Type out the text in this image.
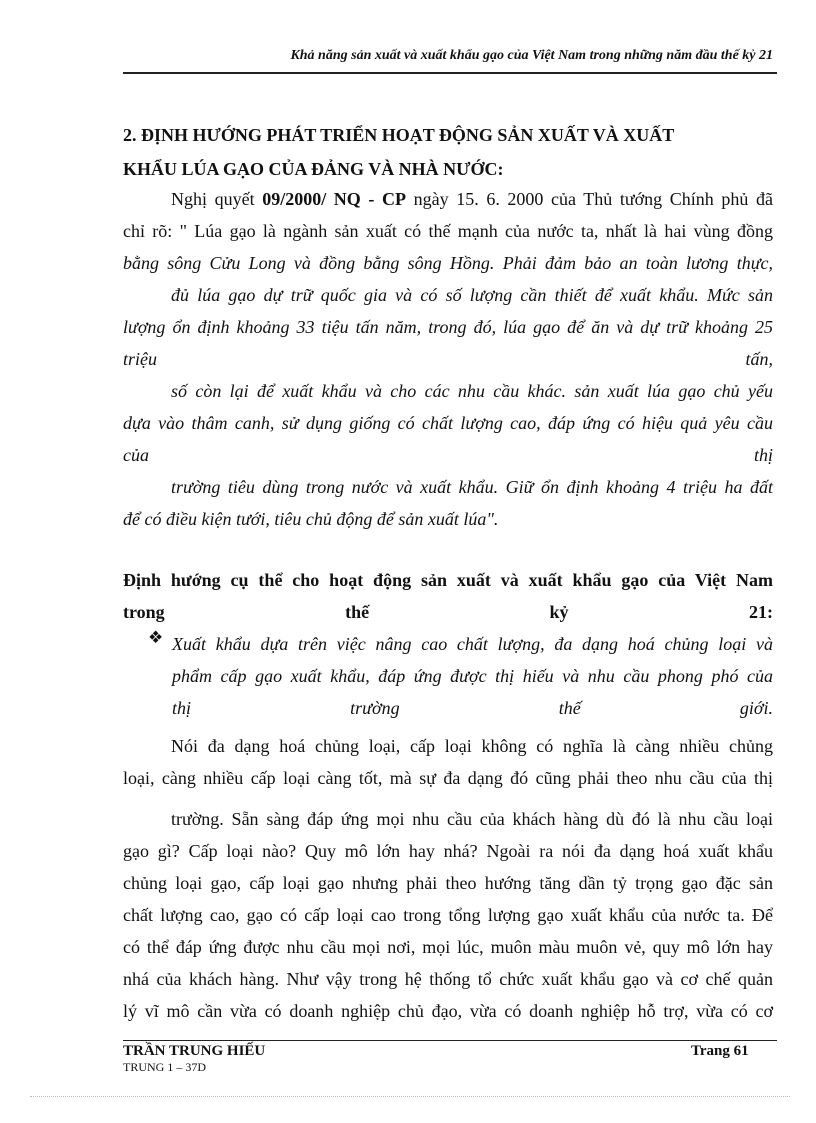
Khả năng sản xuất và xuất khẩu gạo của Việt Nam trong những năm đầu thế kỷ 21
2. ĐỊNH HƯỚNG PHÁT TRIỂN HOẠT ĐỘNG SẢN XUẤT VÀ XUẤT
KHẨU LÚA GẠO CỦA ĐẢNG VÀ NHÀ NƯỚC:
Nghị quyết 09/2000/ NQ - CP ngày 15. 6. 2000 của Thủ tướng Chính phủ đã
chỉ rõ: " Lúa gạo là ngành sản xuất có thế mạnh của nước ta, nhất là hai vùng đồng
bằng sông Cửu Long và đồng bằng sông Hồng. Phải đảm bảo an toàn lương thực,
đủ lúa gạo dự trữ quốc gia và có số lượng cần thiết để xuất khẩu. Mức sản
lượng ổn định khoảng 33 tiệu tấn năm, trong đó, lúa gạo để ăn và dự trữ khoảng 25
triệu tấn,
số còn lại để xuất khẩu và cho các nhu cầu khác. sản xuất lúa gạo chủ yếu
dựa vào thâm canh, sử dụng giống có chất lượng cao, đáp ứng có hiệu quả yêu cầu
của thị
trường tiêu dùng trong nước và xuất khẩu. Giữ ổn định khoảng 4 triệu ha đất
để có điều kiện tưới, tiêu chủ động để sản xuất lúa".
Định hướng cụ thể cho hoạt động sản xuất và xuất khẩu gạo của Việt Nam
trong thế kỷ 21:
❖ Xuất khẩu dựa trên việc nâng cao chất lượng, đa dạng hoá chủng loại và
phẩm cấp gạo xuất khẩu, đáp ứng được thị hiếu và nhu cầu phong phó của
thị trường thế giới.
Nói đa dạng hoá chủng loại, cấp loại không có nghĩa là càng nhiều chủng
loại, càng nhiều cấp loại càng tốt, mà sự đa dạng đó cũng phải theo nhu cầu của thị
trường. Sẵn sàng đáp ứng mọi nhu cầu của khách hàng dù đó là nhu cầu loại
gạo gì? Cấp loại nào? Quy mô lớn hay nhá? Ngoài ra nói đa dạng hoá xuất khẩu
chủng loại gạo, cấp loại gạo nhưng phải theo hướng tăng dần tỷ trọng gạo đặc sản
chất lượng cao, gạo có cấp loại cao trong tổng lượng gạo xuất khẩu của nước ta. Để
có thể đáp ứng được nhu cầu mọi nơi, mọi lúc, muôn màu muôn vẻ, quy mô lớn hay
nhá của khách hàng. Như vậy trong hệ thống tổ chức xuất khẩu gạo và cơ chế quản
lý vĩ mô cần vừa có doanh nghiệp chủ đạo, vừa có doanh nghiệp hỗ trợ, vừa có cơ
TRẦN TRUNG HIẾU
TRUNG 1 – 37D
Trang 61
